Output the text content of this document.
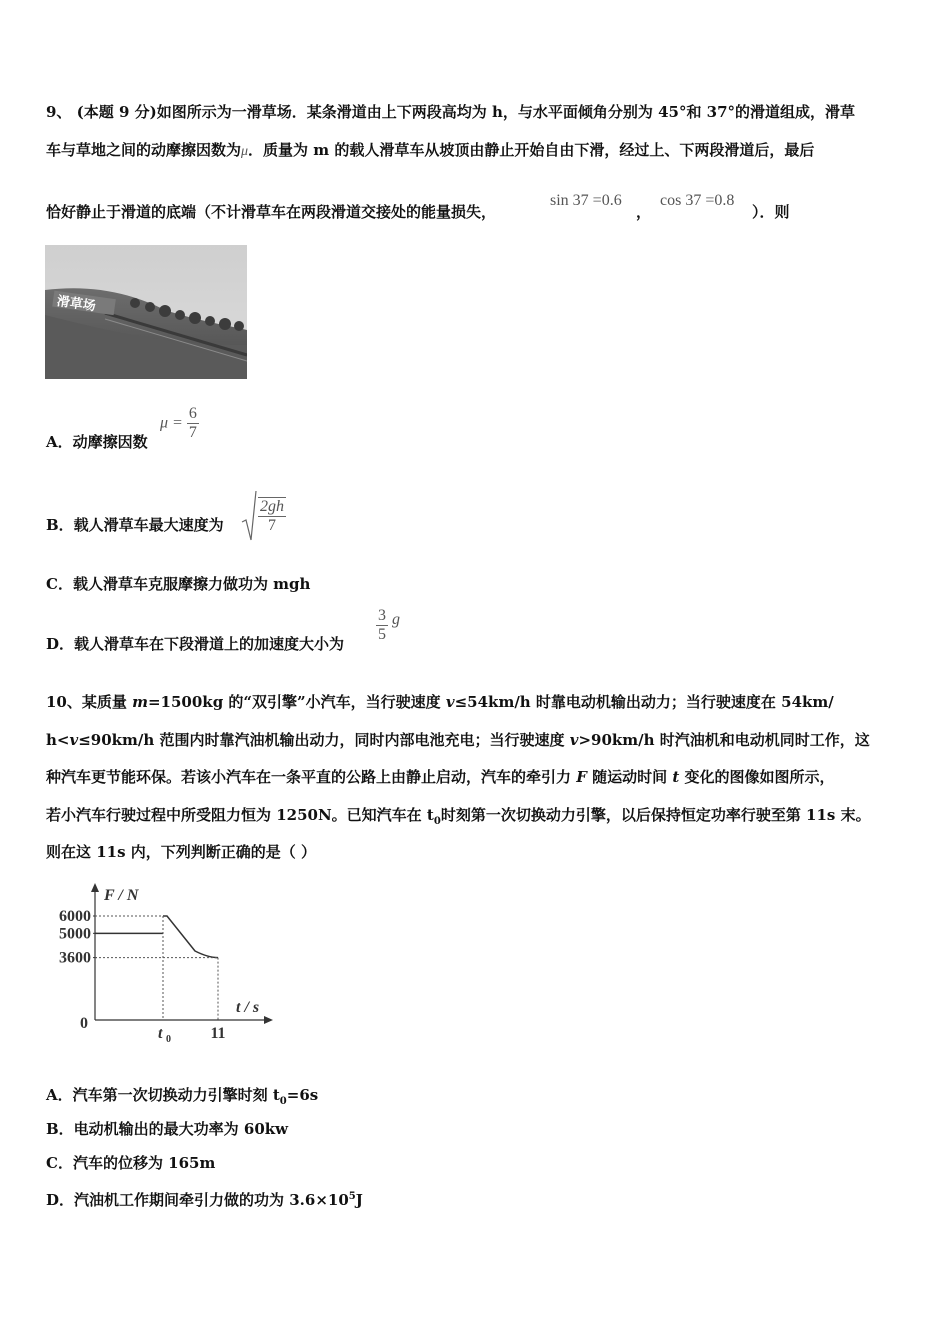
9、 (本题 9 分)如图所示为一滑草场．某条滑道由上下两段高均为 h，与水平面倾角分别为 45°和 37°的滑道组成，滑草
车与草地之间的动摩擦因数为μ．质量为 m 的载人滑草车从坡顶由静止开始自由下滑，经过上、下两段滑道后，最后
恰好静止于滑道的底端（不计滑草车在两段滑道交接处的能量损失，
sin 37 =0.6
，
cos 37 =0.8
）．则
滑草场
A．动摩擦因数
$\mu = \frac{6}{7}$
B．载人滑草车最大速度为
$\frac{2gh}{7}$
C．载人滑草车克服摩擦力做功为 mgh
D．载人滑草车在下段滑道上的加速度大小为 $\frac{3}{5}$ g
10、某质量 m=1500kg 的“双引擎”小汽车，当行驶速度 v≤54km/h 时靠电动机输出动力；当行驶速度在 54km/
h<v≤90km/h 范围内时靠汽油机输出动力，同时内部电池充电；当行驶速度 v>90km/h 时汽油机和电动机同时工作，这
种汽车更节能环保。若该小汽车在一条平直的公路上由静止启动，汽车的牵引力 F 随运动时间 t 变化的图像如图所示，
若小汽车行驶过程中所受阻力恒为 1250N。已知汽车在 $t_0$时刻第一次切换动力引擎，以后保持恒定功率行驶至第 11s 末。
则在这 11s 内，下列判断正确的是（ ）
F / N
t / s
0
6000
5000
3600
t 0 11
A．汽车第一次切换动力引擎时刻 $t_0=6s$
B．电动机输出的最大功率为 60kw
C．汽车的位移为 165m
D．汽油机工作期间牵引力做的功为 $3.6\times 10^5J$
